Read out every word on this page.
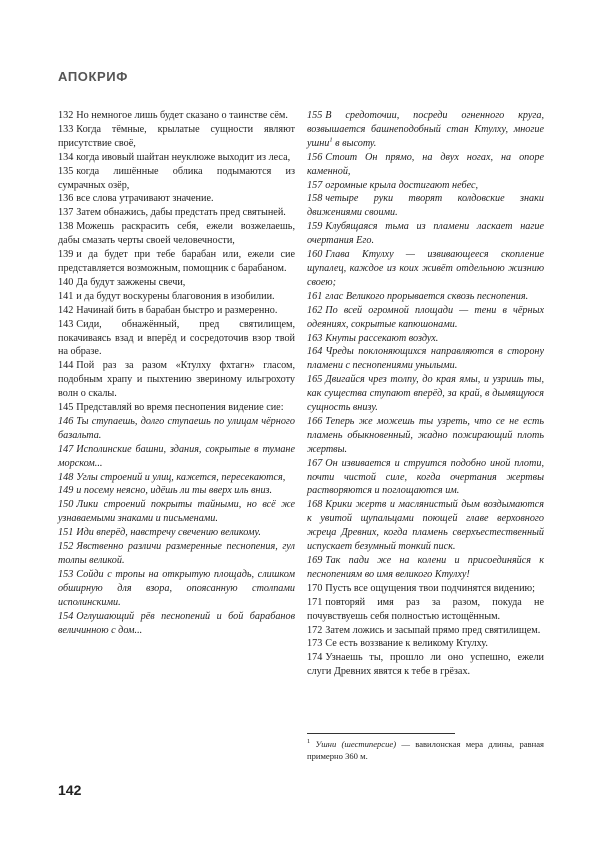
АПОКРИФ

132 Но немногое лишь будет сказано о таинстве сём.

133 Когда тёмные, крылатые сущности являют присутствие своё,

134 когда ивовый шайтан неуклюже выходит из леса,

135 когда лишённые облика подымаются из сумрачных озёр,

136 все слова утрачивают значение.

137 Затем обнажись, дабы предстать пред святыней.

138 Можешь раскрасить себя, ежели возжелаешь, дабы смазать черты своей человечности,

139 и да будет при тебе барабан или, ежели сие представляется возможным, помощник с барабаном.

140 Да будут зажжены свечи,

141 и да будут воскурены благовония в изобилии.

142 Начинай бить в барабан быстро и размеренно.

143 Сиди, обнажённый, пред святилищем, покачиваясь взад и вперёд и сосредоточив взор твой на образе.

144 Пой раз за разом «Ктулху фхтагн» гласом, подобным храпу и пыхтению звериному ильгрохоту волн о скалы.

145 Представляй во время песнопения видение сие:

146 Ты ступаешь, долго ступаешь по улицам чёрного базальта.

147 Исполинские башни, здания, сокрытые в тумане морском...

148 Углы строений и улиц, кажется, пересекаются,

149 и посему неясно, идёшь ли ты вверх иль вниз.

150 Лики строений покрыты тайными, но всё же узнаваемыми знаками и письменами.

151 Иди вперёд, навстречу свечению великому.

152 Явственно различи размеренные песнопения, гул толпы великой.

153 Сойди с тропы на открытую площадь, слишком обширную для взора, опоясанную столпами исполинскими.

154 Оглушающий рёв песнопений и бой барабанов величинною с дом...

155 В средоточии, посреди огненного круга, возвышается башнеподобный стан Ктулху, многие ушни$^1$ в высоту.

156 Стоит Он прямо, на двух ногах, на опоре каменной,

157 огромные крыла достигают небес,

158 четыре руки творят колдовские знаки движениями своими.

159 Клубящаяся тьма из пламени ласкает нагие очертания Его.

160 Глава Ктулху — извивающееся скопление щупалец, каждое из коих живёт отдельною жизнию своею;

161 глас Великого прорывается сквозь песнопения.

162 По всей огромной площади — тени в чёрных одеяниях, сокрытые капюшонами.

163 Кнуты рассекают воздух.

164 Чреды поклоняющихся направляются в сторону пламени с песнопениями унылыми.

165 Двигайся чрез толпу, до края ямы, и узришь ты, как существа ступают вперёд, за край, в дымящуюся сущность внизу.

166 Теперь же можешь ты узреть, что се не есть пламень обыкновенный, жадно пожирающий плоть жертвы.

167 Он извивается и струится подобно иной плоти, почти чистой силе, когда очертания жертвы растворяются и поглощаются им.

168 Крики жертв и маслянистый дым воздымаются к увитой щупальцами поющей главе верховного жреца Древних, когда пламень сверхъестественный испускает безумный тонкий писк.

169 Так пади же на колени и присоединяйся к песнопениям во имя великого Ктулху!

170 Пусть все ощущения твои подчинятся видению;

171 повторяй имя раз за разом, покуда не почувствуешь себя полностью истощённым.

172 Затем ложись и засыпай прямо пред святилищем.

173 Се есть воззвание к великому Ктулху.

174 Узнаешь ты, прошло ли оно успешно, ежели слуги Древних явятся к тебе в грёзах.

$^1$ Ушни (шестиперсие) — вавилонская мера длины, равная примерно 360 м.
142
